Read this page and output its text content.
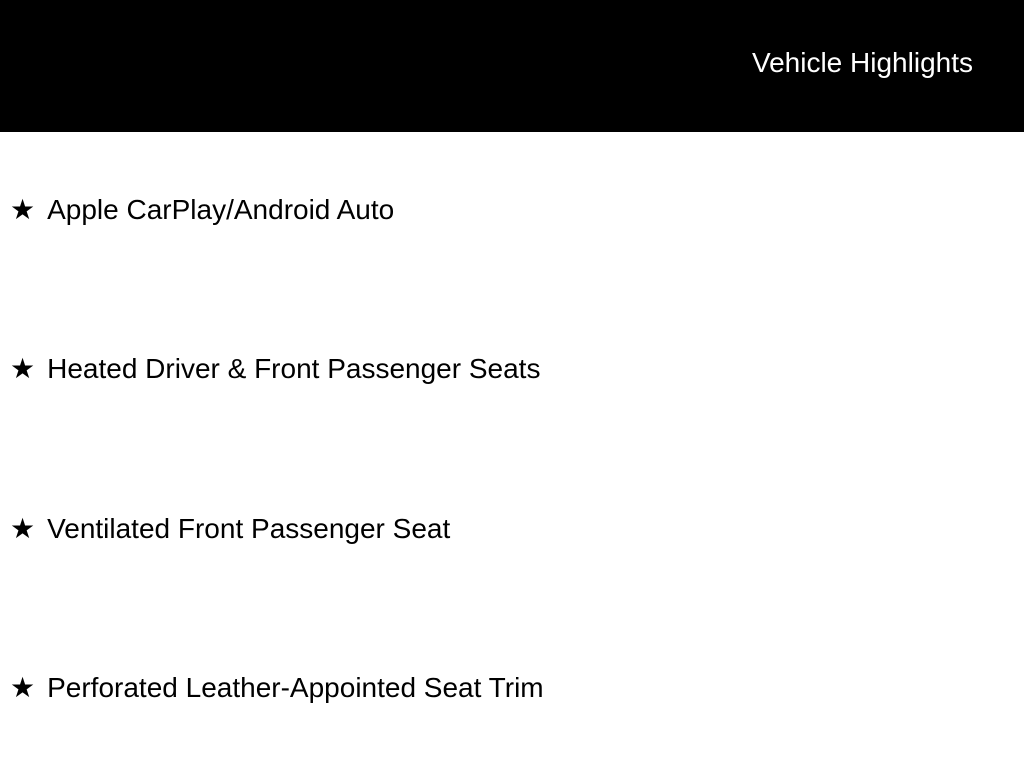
Vehicle Highlights
★ Apple CarPlay/Android Auto
★ Heated Driver & Front Passenger Seats
★ Ventilated Front Passenger Seat
★ Perforated Leather-Appointed Seat Trim
